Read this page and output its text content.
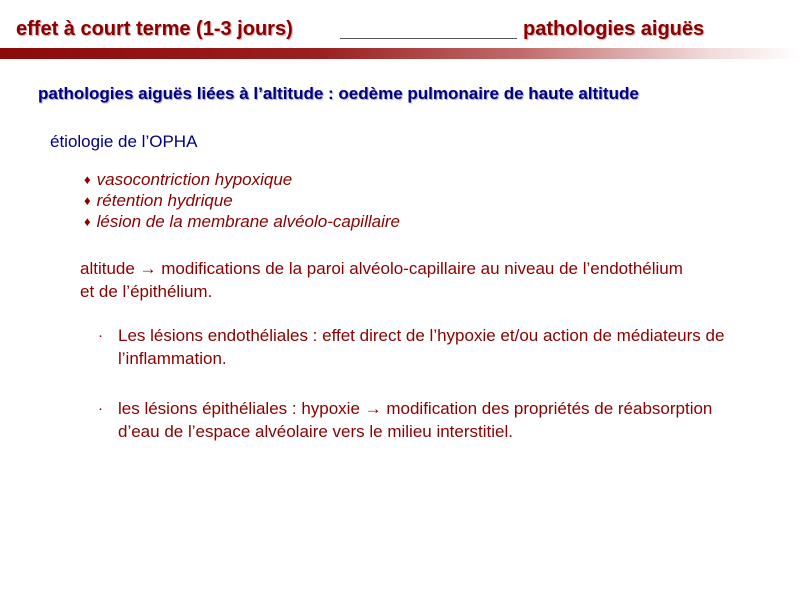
effet à court terme (1-3 jours)	pathologies aiguës
pathologies aiguës liées à l’altitude : oedème pulmonaire de haute altitude
étiologie de l’OPHA
♦ vasocontriction hypoxique
♦ rétention hydrique
♦ lésion de la membrane alvéolo-capillaire
altitude → modifications de la paroi alvéolo-capillaire au niveau de l’endothélium et de l’épithélium.
· Les lésions endothéliales : effet direct de l’hypoxie et/ou action de médiateurs de l’inflammation.
· les lésions épithéliales : hypoxie → modification des propriétés de réabsorption d’eau de l’espace alvéolaire vers le milieu interstitiel.
